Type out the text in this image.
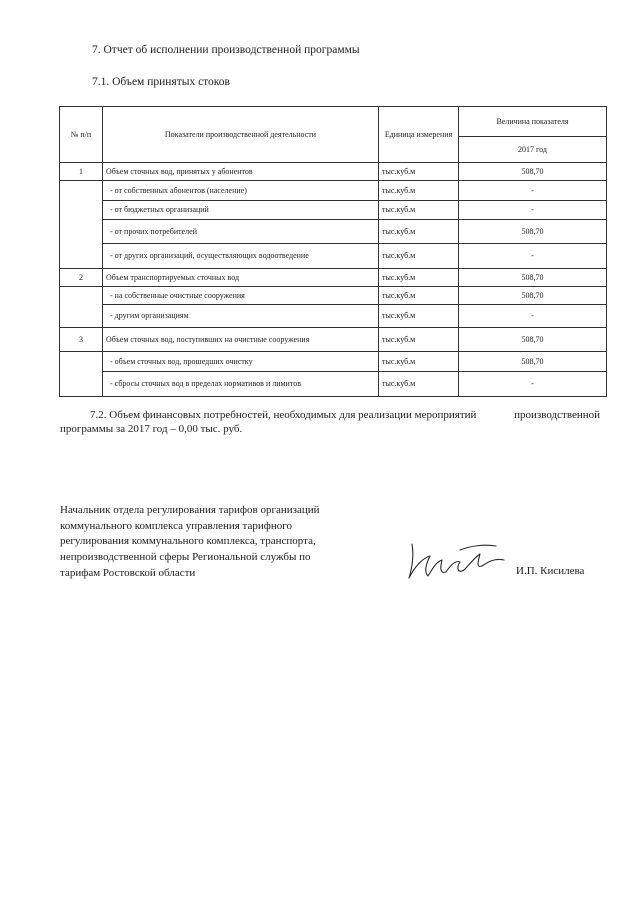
7. Отчет об исполнении производственной программы
7.1. Объем принятых стоков
№ п/п	Показатели производственной деятельности	Единица измерения	Величина показателя
			2017 год
1	Объем сточных вод, принятых у абонентов	тыс.куб.м	508,70
	- от собственных абонентов (население)	тыс.куб.м	-
	- от бюджетных организаций	тыс.куб.м	-
	- от прочих потребителей	тыс.куб.м	508,70
	- от других организаций, осуществляющих водоотведение	тыс.куб.м	-
2	Объем транспортируемых сточных вод	тыс.куб.м	508,70
	- на собственные очистные сооружения	тыс.куб.м	508,70
	- другим организациям	тыс.куб.м	-
3	Объем сточных вод, поступивших на очистные сооружения	тыс.куб.м	508,70
	- объем сточных вод, прошедших очистку	тыс.куб.м	508,70
	- сбросы сточных вод в пределах нормативов и лимитов	тыс.куб.м	-
7.2. Объем финансовых потребностей, необходимых для реализации мероприятий	производственной программы за 2017 год – 0,00 тыс. руб.
Начальник отдела регулирования тарифов организаций
коммунального комплекса управления тарифного
регулирования коммунального комплекса, транспорта,
непроизводственной сферы Региональной службы по
тарифам Ростовской области	И.П. Кисилева
